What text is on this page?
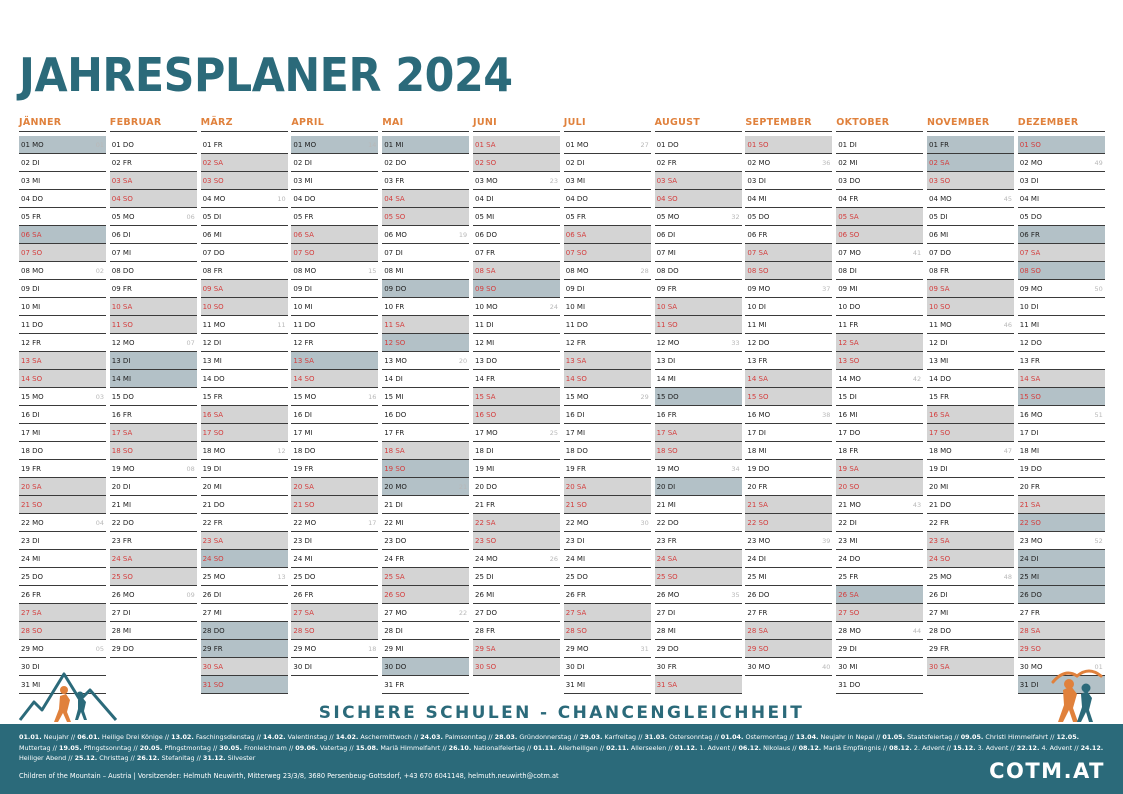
JAHRESPLANER 2024
JÄNNER
01 MO	01
02 DI
03 MI
04 DO
05 FR
06 SA
07 SO
08 MO	02
09 DI
10 MI
11 DO
12 FR
13 SA
14 SO
15 MO	03
16 DI
17 MI
18 DO
19 FR
20 SA
21 SO
22 MO	04
23 DI
24 MI
25 DO
26 FR
27 SA
28 SO
29 MO	05
30 DI
31 MI
FEBRUAR
01 DO
02 FR
03 SA
04 SO
05 MO	06
06 DI
07 MI
08 DO
09 FR
10 SA
11 SO
12 MO	07
13 DI
14 MI
15 DO
16 FR
17 SA
18 SO
19 MO	08
20 DI
21 MI
22 DO
23 FR
24 SA
25 SO
26 MO	09
27 DI
28 MI
29 DO
MÄRZ
01 FR
02 SA
03 SO
04 MO	10
05 DI
06 MI
07 DO
08 FR
09 SA
10 SO
11 MO	11
12 DI
13 MI
14 DO
15 FR
16 SA
17 SO
18 MO	12
19 DI
20 MI
21 DO
22 FR
23 SA
24 SO
25 MO	13
26 DI
27 MI
28 DO
29 FR
30 SA
31 SO
APRIL
01 MO	14
02 DI
03 MI
04 DO
05 FR
06 SA
07 SO
08 MO	15
09 DI
10 MI
11 DO
12 FR
13 SA
14 SO
15 MO	16
16 DI
17 MI
18 DO
19 FR
20 SA
21 SO
22 MO	17
23 DI
24 MI
25 DO
26 FR
27 SA
28 SO
29 MO	18
30 DI
MAI
01 MI
02 DO
03 FR
04 SA
05 SO
06 MO	19
07 DI
08 MI
09 DO
10 FR
11 SA
12 SO
13 MO	20
14 DI
15 MI
16 DO
17 FR
18 SA
19 SO
20 MO	21
21 DI
22 MI
23 DO
24 FR
25 SA
26 SO
27 MO	22
28 DI
29 MI
30 DO
31 FR
JUNI
01 SA
02 SO
03 MO	23
04 DI
05 MI
06 DO
07 FR
08 SA
09 SO
10 MO	24
11 DI
12 MI
13 DO
14 FR
15 SA
16 SO
17 MO	25
18 DI
19 MI
20 DO
21 FR
22 SA
23 SO
24 MO	26
25 DI
26 MI
27 DO
28 FR
29 SA
30 SO
JULI
01 MO	27
02 DI
03 MI
04 DO
05 FR
06 SA
07 SO
08 MO	28
09 DI
10 MI
11 DO
12 FR
13 SA
14 SO
15 MO	29
16 DI
17 MI
18 DO
19 FR
20 SA
21 SO
22 MO	30
23 DI
24 MI
25 DO
26 FR
27 SA
28 SO
29 MO	31
30 DI
31 MI
AUGUST
01 DO
02 FR
03 SA
04 SO
05 MO	32
06 DI
07 MI
08 DO
09 FR
10 SA
11 SO
12 MO	33
13 DI
14 MI
15 DO
16 FR
17 SA
18 SO
19 MO	34
20 DI
21 MI
22 DO
23 FR
24 SA
25 SO
26 MO	35
27 DI
28 MI
29 DO
30 FR
31 SA
SEPTEMBER
01 SO
02 MO	36
03 DI
04 MI
05 DO
06 FR
07 SA
08 SO
09 MO	37
10 DI
11 MI
12 DO
13 FR
14 SA
15 SO
16 MO	38
17 DI
18 MI
19 DO
20 FR
21 SA
22 SO
23 MO	39
24 DI
25 MI
26 DO
27 FR
28 SA
29 SO
30 MO	40
OKTOBER
01 DI
02 MI
03 DO
04 FR
05 SA
06 SO
07 MO	41
08 DI
09 MI
10 DO
11 FR
12 SA
13 SO
14 MO	42
15 DI
16 MI
17 DO
18 FR
19 SA
20 SO
21 MO	43
22 DI
23 MI
24 DO
25 FR
26 SA
27 SO
28 MO	44
29 DI
30 MI
31 DO
NOVEMBER
01 FR
02 SA
03 SO
04 MO	45
05 DI
06 MI
07 DO
08 FR
09 SA
10 SO
11 MO	46
12 DI
13 MI
14 DO
15 FR
16 SA
17 SO
18 MO	47
19 DI
20 MI
21 DO
22 FR
23 SA
24 SO
25 MO	48
26 DI
27 MI
28 DO
29 FR
30 SA
DEZEMBER
01 SO
02 MO	49
03 DI
04 MI
05 DO
06 FR
07 SA
08 SO
09 MO	50
10 DI
11 MI
12 DO
13 FR
14 SA
15 SO
16 MO	51
17 DI
18 MI
19 DO
20 FR
21 SA
22 SO
23 MO	52
24 DI
25 MI
26 DO
27 FR
28 SA
29 SO
30 MO	01
31 DI
SICHERE SCHULEN - CHANCENGLEICHHEIT
01.01. Neujahr // 06.01. Heilige Drei Könige // 13.02. Faschingsdienstag // 14.02. Valentinstag // 14.02. Aschermittwoch // 24.03. Palmsonntag // 28.03. Gründonnerstag // 29.03. Karfreitag // 31.03. Ostersonntag // 01.04. Ostermontag // 13.04. Neujahr in Nepal // 01.05. Staatsfeiertag // 09.05. Christi Himmelfahrt // 12.05. Muttertag // 19.05. Pfingstsonntag // 20.05. Pfingstmontag // 30.05. Fronleichnam // 09.06. Vatertag // 15.08. Mariä Himmelfahrt // 26.10. Nationalfeiertag // 01.11. Allerheiligen // 02.11. Allerseelen // 01.12. 1. Advent // 06.12. Nikolaus // 08.12. Mariä Empfängnis // 08.12. 2. Advent // 15.12. 3. Advent // 22.12. 4. Advent // 24.12. Heiliger Abend // 25.12. Christtag // 26.12. Stefanitag // 31.12. Silvester
Children of the Mountain – Austria | Vorsitzender: Helmuth Neuwirth, Mitterweg 23/3/8, 3680 Persenbeug-Gottsdorf, +43 670 6041148, helmuth.neuwirth@cotm.at	COTM.AT
